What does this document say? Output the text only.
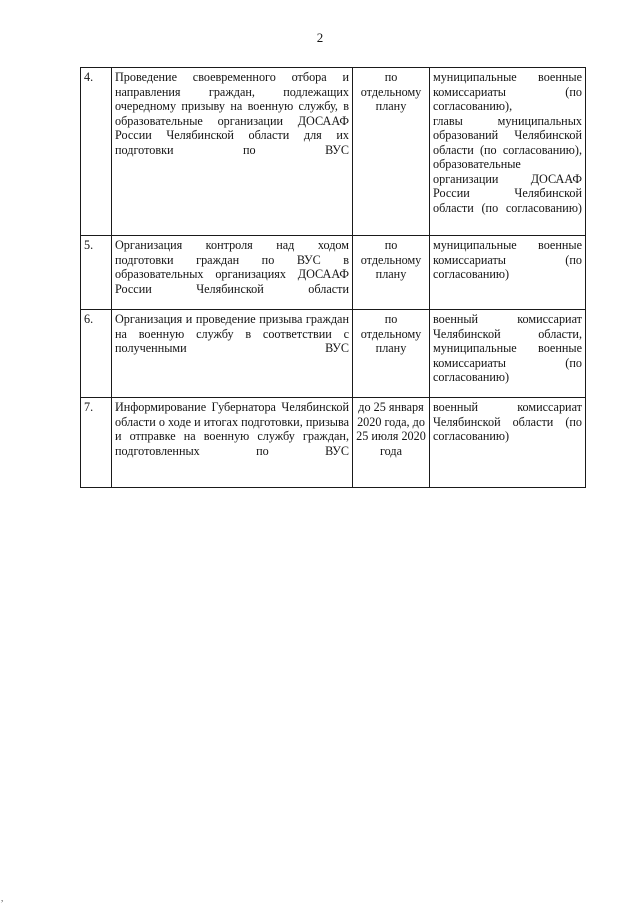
2
4.	Проведение своевременного отбора и направления граждан, подлежащих очередному призыву на военную службу, в образовательные организации ДОСААФ России Челябинской области для их подготовки по ВУС	по отдельному плану	муниципальные военные комиссариаты (по согласованию),
главы муниципальных образований Челябинской области (по согласованию), образовательные организации ДОСААФ России Челябинской области (по согласованию)

5.	Организация контроля над ходом подготовки граждан по ВУС в образовательных организациях ДОСААФ России Челябинской области	по отдельному плану	муниципальные военные комиссариаты (по согласованию)

6.	Организация и проведение призыва граждан на военную службу в соответствии с полученными ВУС	по отдельному плану	военный комиссариат Челябинской области, муниципальные военные комиссариаты (по согласованию)

7.	Информирование Губернатора Челябинской области о ходе и итогах подготовки, призыва и отправке на военную службу граждан, подготовленных по ВУС	до 25 января 2020 года, до 25 июля 2020 года	военный комиссариат Челябинской области (по согласованию)
,
